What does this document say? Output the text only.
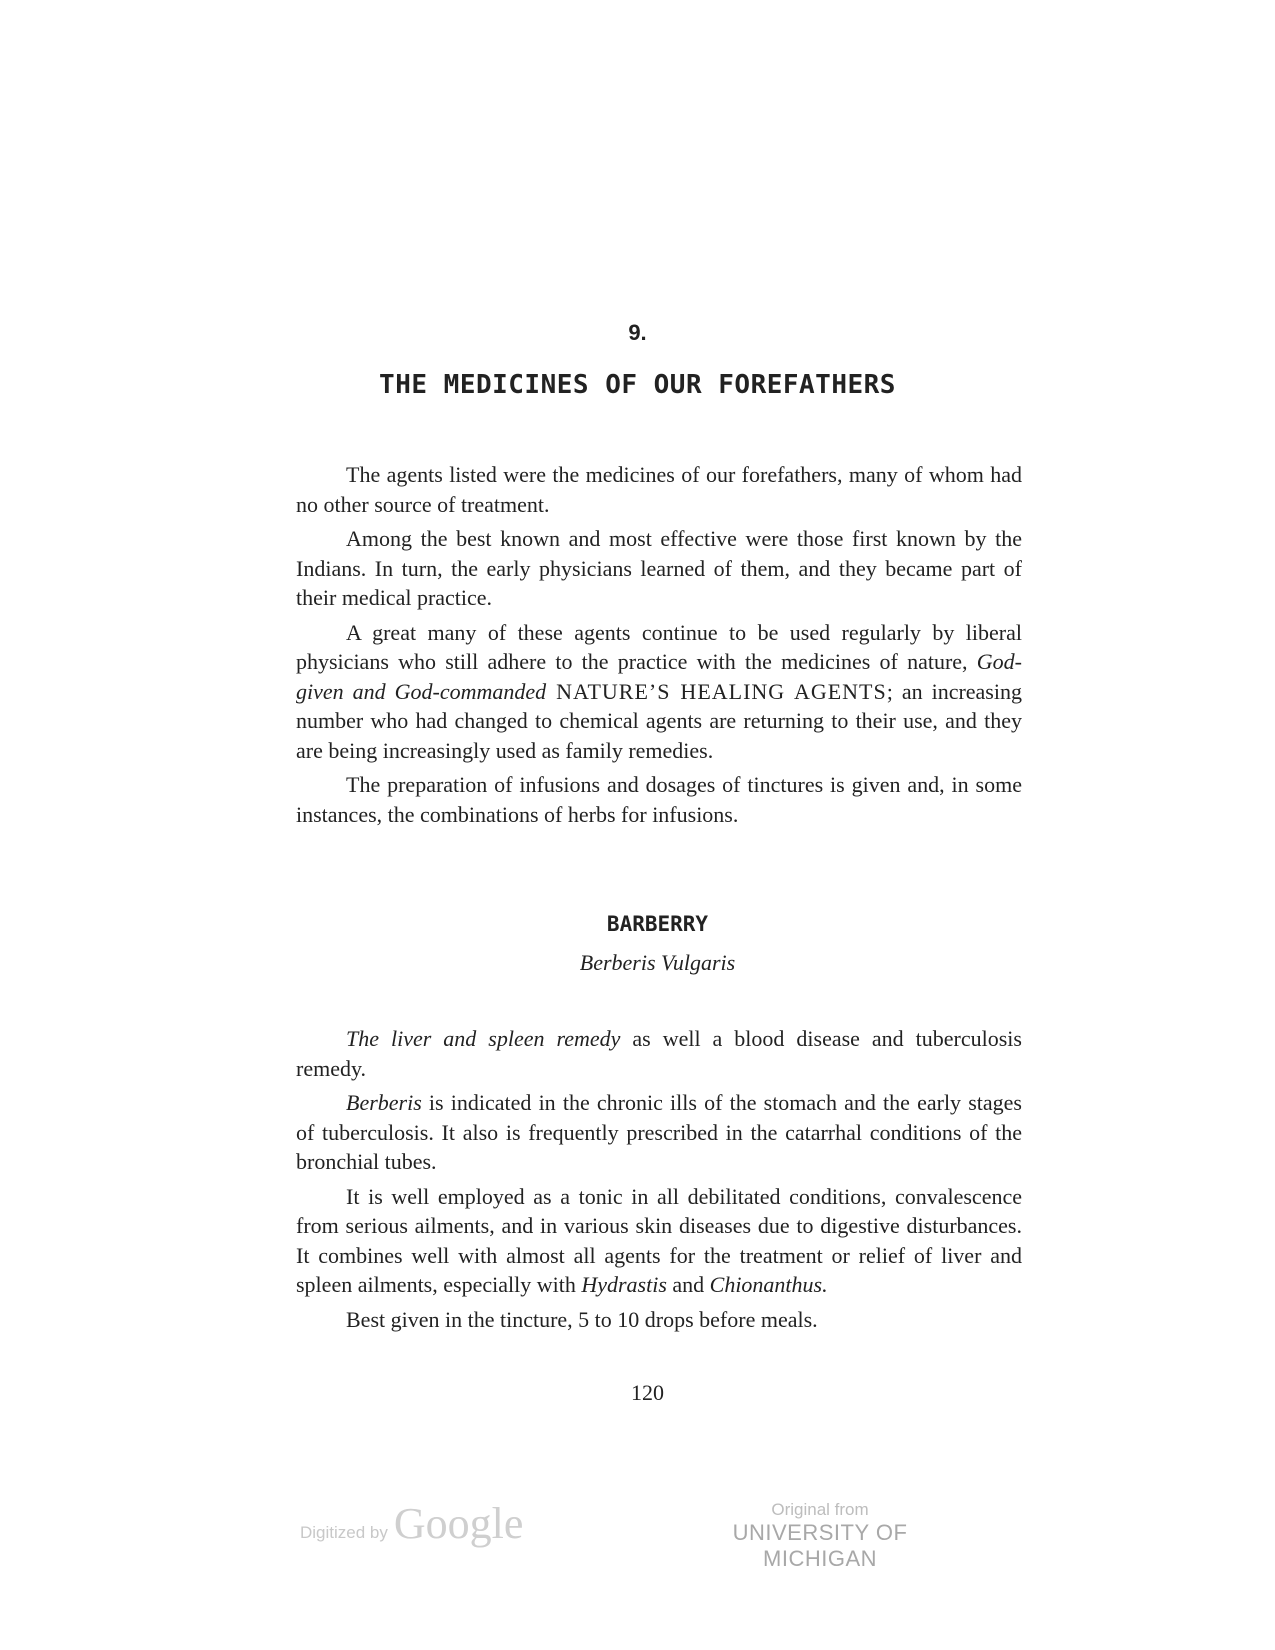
9.
THE MEDICINES OF OUR FOREFATHERS

The agents listed were the medicines of our forefathers, many of whom had no other source of treatment.

Among the best known and most effective were those first known by the Indians. In turn, the early physicians learned of them, and they became part of their medical practice.

A great many of these agents continue to be used regularly by liberal physicians who still adhere to the practice with the medicines of nature, God-given and God-commanded NATURE’S HEALING AGENTS; an increasing number who had changed to chemical agents are returning to their use, and they are being increasingly used as family remedies.

The preparation of infusions and dosages of tinctures is given and, in some instances, the combinations of herbs for infusions.

BARBERRY
Berberis Vulgaris

The liver and spleen remedy as well a blood disease and tuberculosis remedy.

Berberis is indicated in the chronic ills of the stomach and the early stages of tuberculosis. It also is frequently prescribed in the catarrhal conditions of the bronchial tubes.

It is well employed as a tonic in all debilitated conditions, convalescence from serious ailments, and in various skin diseases due to digestive disturbances. It combines well with almost all agents for the treatment or relief of liver and spleen ailments, especially with Hydrastis and Chionanthus.

Best given in the tincture, 5 to 10 drops before meals.

120
Digitized by Google	Original from
UNIVERSITY OF MICHIGAN
